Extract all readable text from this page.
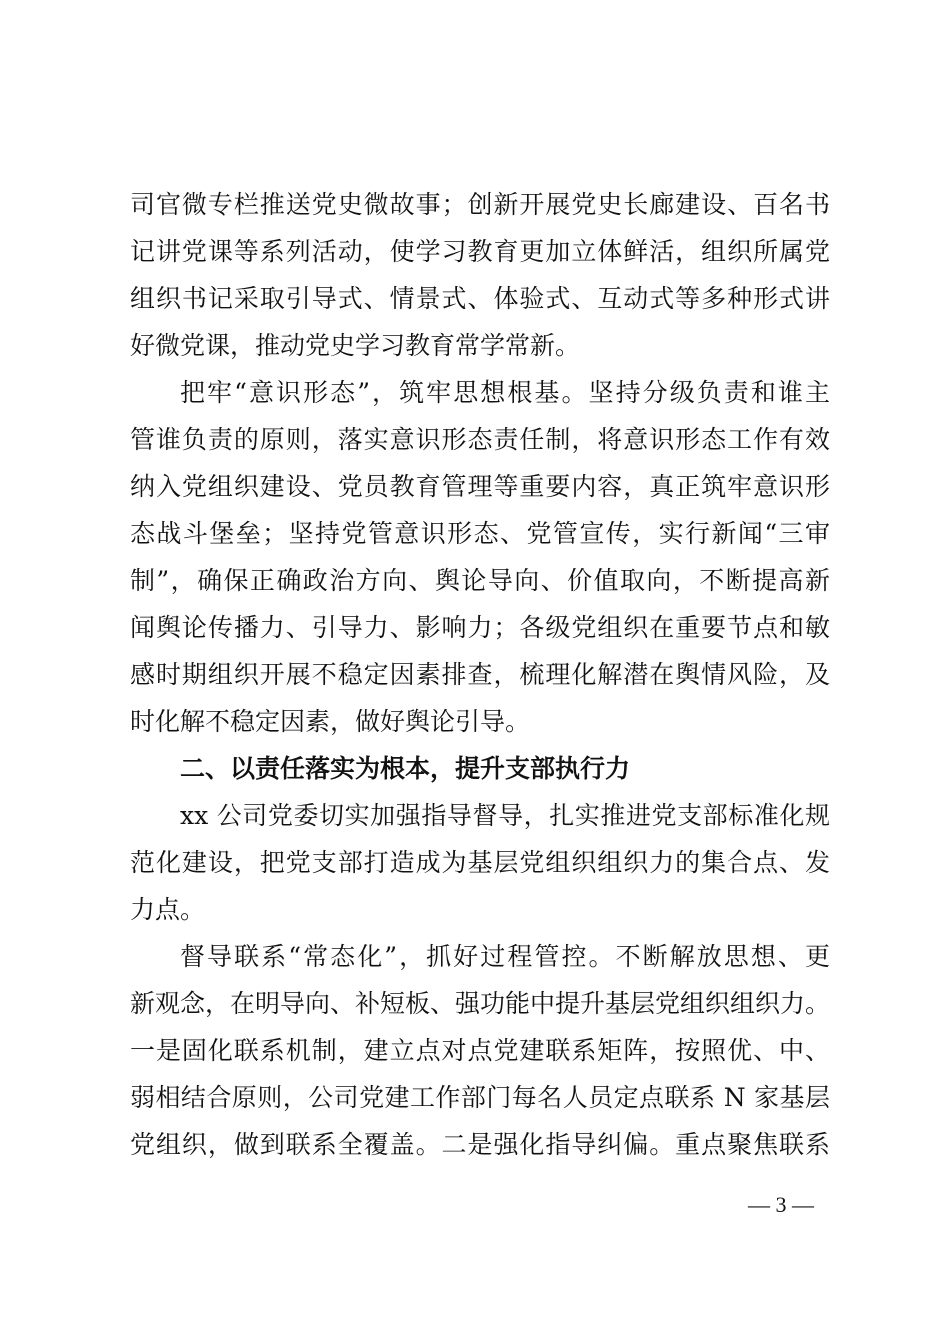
司官微专栏推送党史微故事；创新开展党史长廊建设、百名书
记讲党课等系列活动，使学习教育更加立体鲜活，组织所属党
组织书记采取引导式、情景式、体验式、互动式等多种形式讲
好微党课，推动党史学习教育常学常新。
把牢“意识形态”，筑牢思想根基。坚持分级负责和谁主
管谁负责的原则，落实意识形态责任制，将意识形态工作有效
纳入党组织建设、党员教育管理等重要内容，真正筑牢意识形
态战斗堡垒；坚持党管意识形态、党管宣传，实行新闻“三审
制”，确保正确政治方向、舆论导向、价值取向，不断提高新
闻舆论传播力、引导力、影响力；各级党组织在重要节点和敏
感时期组织开展不稳定因素排查，梳理化解潜在舆情风险，及
时化解不稳定因素，做好舆论引导。
二、以责任落实为根本，提升支部执行力
xx 公司党委切实加强指导督导，扎实推进党支部标准化规
范化建设，把党支部打造成为基层党组织组织力的集合点、发
力点。
督导联系“常态化”，抓好过程管控。不断解放思想、更
新观念，在明导向、补短板、强功能中提升基层党组织组织力。
一是固化联系机制，建立点对点党建联系矩阵，按照优、中、
弱相结合原则，公司党建工作部门每名人员定点联系 N 家基层
党组织，做到联系全覆盖。二是强化指导纠偏。重点聚焦联系
— 3 —
